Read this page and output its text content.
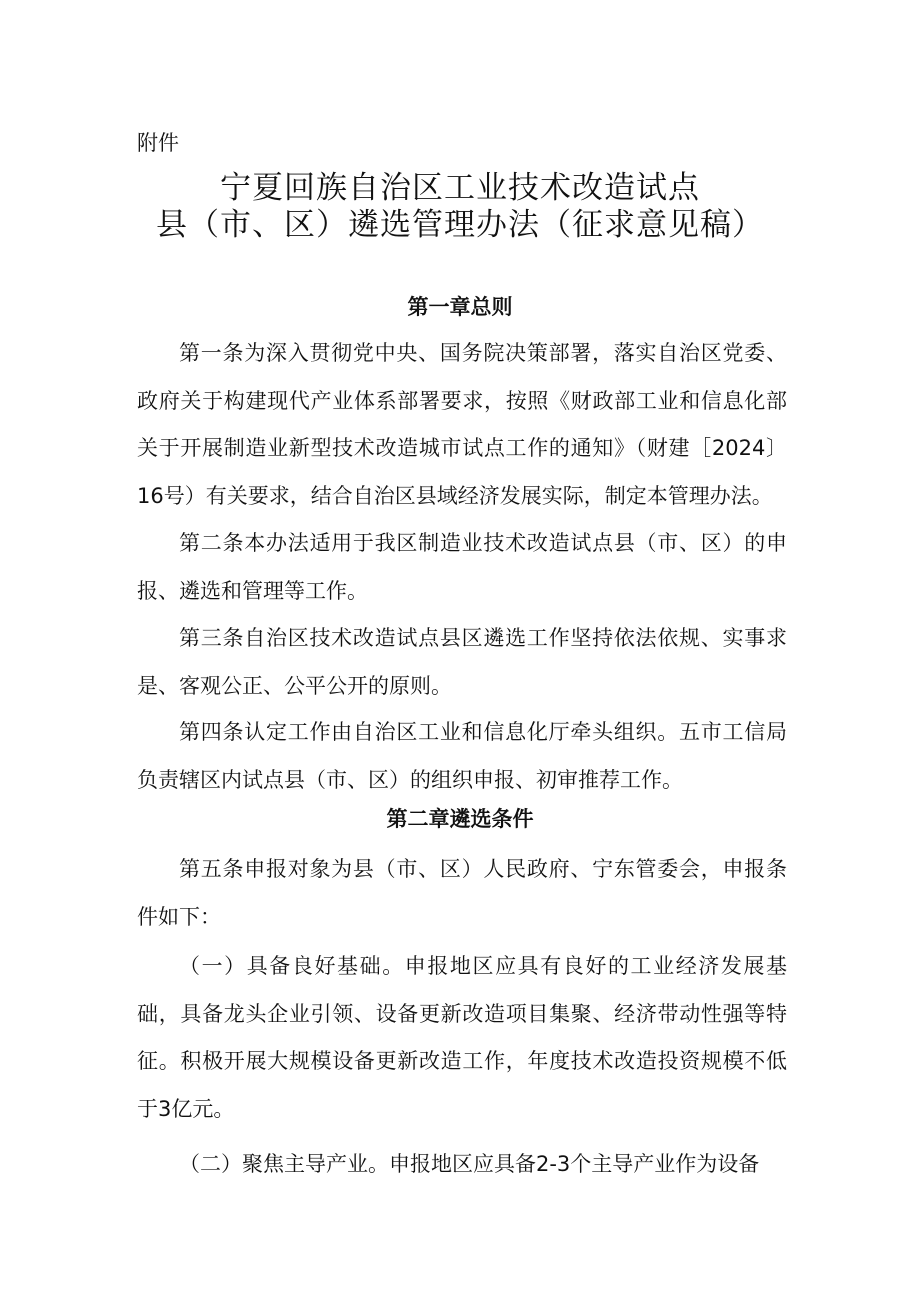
附件

宁夏回族自治区工业技术改造试点
县（市、区）遴选管理办法（征求意见稿）
第一章总则

第一条为深入贯彻党中央、国务院决策部署，落实自治区党委、政府关于构建现代产业体系部署要求，按照《财政部工业和信息化部关于开展制造业新型技术改造城市试点工作的通知》（财建［2024〕16号）有关要求，结合自治区县域经济发展实际，制定本管理办法。

第二条本办法适用于我区制造业技术改造试点县（市、区）的申报、遴选和管理等工作。

第三条自治区技术改造试点县区遴选工作坚持依法依规、实事求是、客观公正、公平公开的原则。

第四条认定工作由自治区工业和信息化厅牵头组织。五市工信局负责辖区内试点县（市、区）的组织申报、初审推荐工作。

第二章遴选条件

第五条申报对象为县（市、区）人民政府、宁东管委会，申报条件如下：

（一）具备良好基础。申报地区应具有良好的工业经济发展基础，具备龙头企业引领、设备更新改造项目集聚、经济带动性强等特征。积极开展大规模设备更新改造工作，年度技术改造投资规模不低于3亿元。

（二）聚焦主导产业。申报地区应具备2-3个主导产业作为设备
